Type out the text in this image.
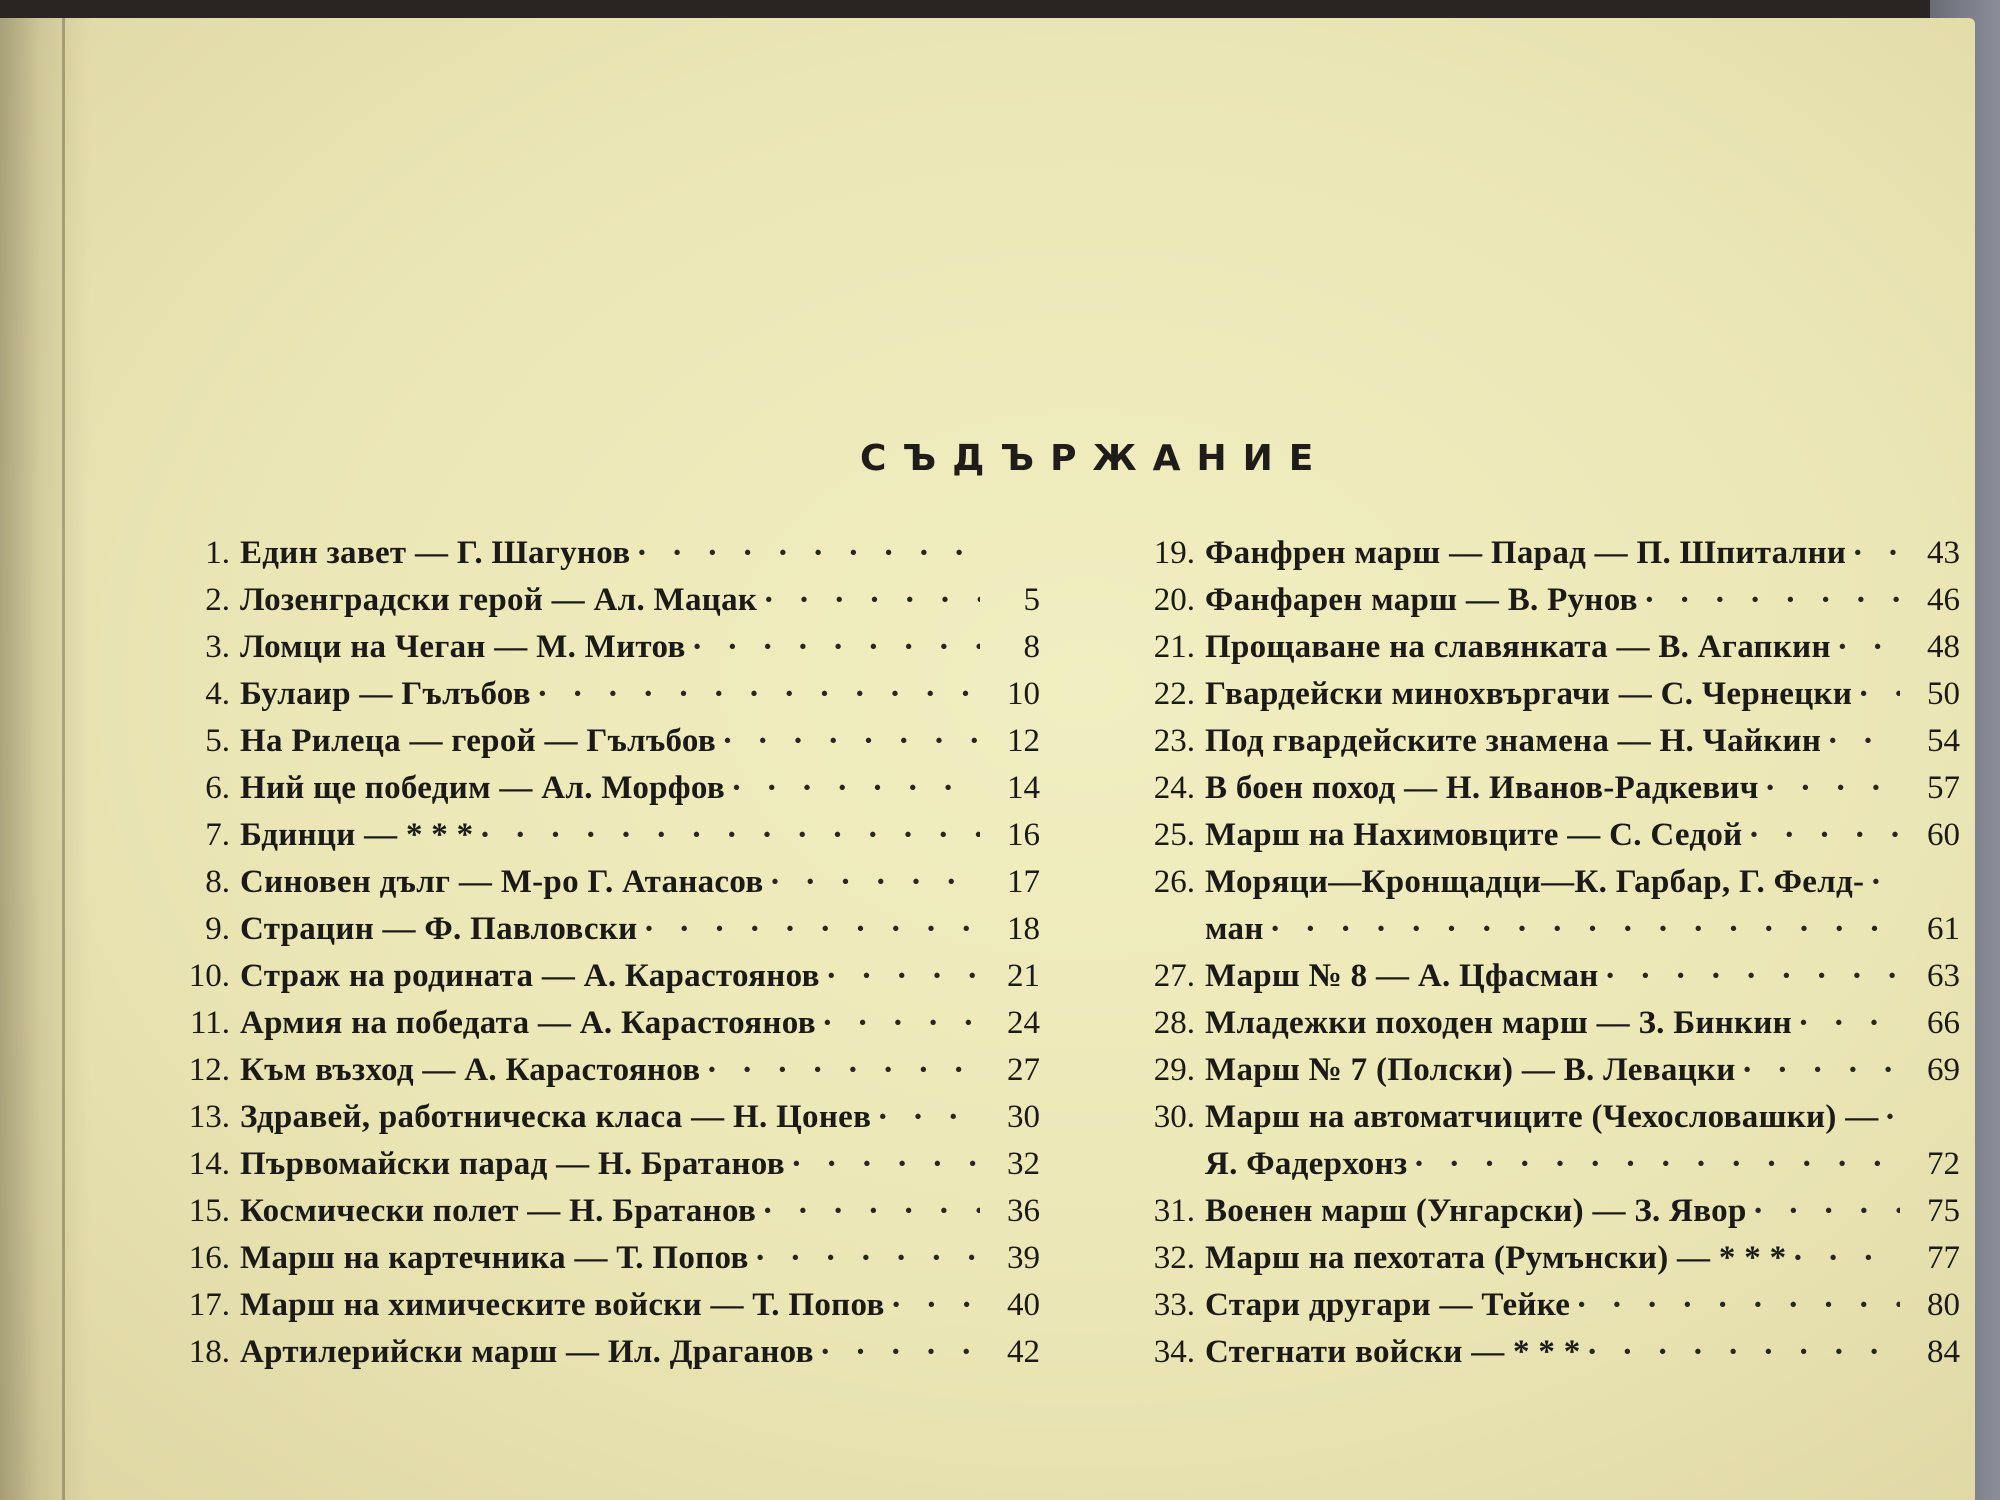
СЪДЪРЖАНИЕ
1. Един завет — Г. Шагунов
· · ·
2. Лозенградски герой — Ал. Мацак · · ·	5
3. Ломци на Чеган — М. Митов · · ·	8
4. Булаир — Гълъбов · · ·	10
5. На Рилеца — герой — Гълъбов · · ·	12
6. Ний ще победим — Ал. Морфов · · ·	14
7. Бдинци — * * * · · ·	16
8. Синовен дълг — М-ро Г. Атанасов · · ·	17
9. Страцин — Ф. Павловски · · ·	18
10. Страж на родината — А. Карастоянов · · ·	21
11. Армия на победата — А. Карастоянов · · ·	24
12. Към възход — А. Карастоянов · · ·	27
13. Здравей, работническа класа — Н. Цонев · · ·	30
14. Първомайски парад — Н. Братанов · · ·	32
15. Космически полет — Н. Братанов · · ·	36
16. Марш на картечника — Т. Попов · · ·	39
17. Марш на химическите войски — Т. Попов · · ·	40
18. Артилерийски марш — Ил. Драганов · · ·	42
19. Фанфрен марш — Парад — П. Шпитални · · ·	43
20. Фанфарен марш — В. Рунов · · ·	46
21. Прощаване на славянката — В. Агапкин · · ·	48
22. Гвардейски минохвъргачи — С. Чернецки · · ·	50
23. Под гвардейските знамена — Н. Чайкин · · ·	54
24. В боен поход — Н. Иванов-Радкевич · · ·	57
25. Марш на Нахимовците — С. Седой · · ·	60
26. Моряци—Кронщадци—К. Гарбар, Г. Фелд-
· · ·
ман · · ·	61
27. Марш № 8 — А. Цфасман · · ·	63
28. Младежки походен марш — З. Бинкин · · ·	66
29. Марш № 7 (Полски) — В. Левацки · · ·	69
30. Марш на автоматчиците (Чехословашки) —
· · ·
Я. Фадерхонз · · ·	72
31. Военен марш (Унгарски) — З. Явор · · ·	75
32. Марш на пехотата (Румънски) — * * * · · ·	77
33. Стари другари — Тейке · · ·	80
34. Стегнати войски — * * * · · ·	84
